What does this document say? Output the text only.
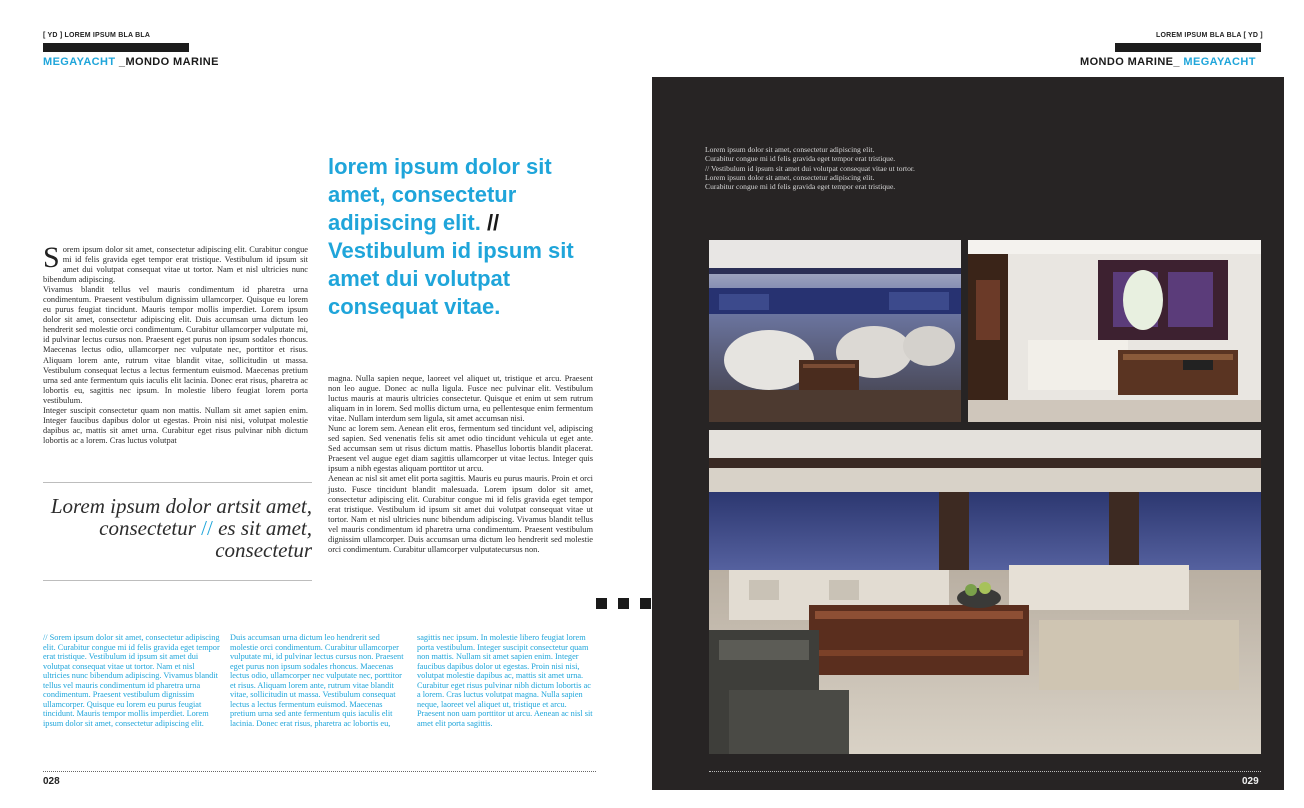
[ YD ] LOREM IPSUM BLA BLA
MEGAYACHT _MONDO MARINE
S orem ipsum dolor sit amet, consectetur adipiscing elit. Curabitur congue mi id felis gravida eget tempor erat tristique. Vestibulum id ipsum sit amet dui volutpat consequat vitae ut tortor. Nam et nisl ultricies nunc bibendum adipiscing.

Vivamus blandit tellus vel mauris condimentum id pharetra urna condimentum. Praesent vestibulum dignissim ullamcorper. Quisque eu lorem eu purus feugiat tincidunt. Mauris tempor mollis imperdiet. Lorem ipsum dolor sit amet, consectetur adipiscing elit. Duis accumsan urna dictum leo hendrerit sed molestie orci condimentum. Curabitur ullamcorper vulputate mi, id pulvinar lectus cursus non. Praesent eget purus non ipsum sodales rhoncus. Maecenas lectus odio, ullamcorper nec vulputate nec, porttitor et risus. Aliquam lorem ante, rutrum vitae blandit vitae, sollicitudin ut massa. Vestibulum consequat lectus a lectus fermentum euismod. Maecenas pretium urna sed ante fermentum quis iaculis elit lacinia. Donec erat risus, pharetra ac lobortis eu, sagittis nec ipsum. In molestie libero feugiat lorem porta vestibulum.

Integer suscipit consectetur quam non mattis. Nullam sit amet sapien enim. Integer faucibus dapibus dolor ut egestas. Proin nisi nisi, volutpat molestie dapibus ac, mattis sit amet urna. Curabitur eget risus pulvinar nibh dictum lobortis ac a lorem. Cras luctus volutpat

lorem ipsum dolor sit amet, consectetur adipiscing elit. // Vestibulum id ipsum sit amet dui volutpat consequat vitae.
Lorem ipsum dolor artsit amet, consectetur // es sit amet, consectetur

magna. Nulla sapien neque, laoreet vel aliquet ut, tristique et arcu. Praesent non leo augue. Donec ac nulla ligula. Fusce nec pulvinar elit. Vestibulum luctus mauris at mauris ultricies consectetur. Quisque et enim ut sem rutrum aliquam in in lorem. Sed mollis dictum urna, eu pellentesque enim fermentum vitae. Nullam interdum sem ligula, sit amet accumsan nisi.

Nunc ac lorem sem. Aenean elit eros, fermentum sed tincidunt vel, adipiscing sed sapien. Sed venenatis felis sit amet odio tincidunt vehicula ut eget ante. Sed accumsan sem ut risus dictum mattis. Phasellus lobortis blandit placerat. Praesent vel augue eget diam sagittis ullamcorper ut vitae lectus. Integer quis ipsum a nibh egestas aliquam porttitor ut arcu.

Aenean ac nisl sit amet elit porta sagittis. Mauris eu purus mauris. Proin et orci justo. Fusce tincidunt blandit malesuada. Lorem ipsum dolor sit amet, consectetur adipiscing elit. Curabitur congue mi id felis gravida eget tempor erat tristique. Vestibulum id ipsum sit amet dui volutpat consequat vitae ut tortor. Nam et nisl ultricies nunc bibendum adipiscing. Vivamus blandit tellus vel mauris condimentum id pharetra urna condimentum. Praesent vestibulum dignissim ullamcorper. Duis accumsan urna dictum leo hendrerit sed molestie orci condimentum. Curabitur ullamcorper vulputatecursus non.

// Sorem ipsum dolor sit amet, consectetur adipiscing elit. Curabitur congue mi id felis gravida eget tempor erat tristique. Vestibulum id ipsum sit amet dui volutpat consequat vitae ut tortor. Nam et nisl ultricies nunc bibendum adipiscing. Vivamus blandit tellus vel mauris condimentum id pharetra urna condimentum. Praesent vestibulum dignissim ullamcorper. Quisque eu lorem eu purus feugiat tincidunt. Mauris tempor mollis imperdiet. Lorem ipsum dolor sit amet, consectetur adipiscing elit.
Duis accumsan urna dictum leo hendrerit sed molestie orci condimentum. Curabitur ullamcorper vulputate mi, id pulvinar lectus cursus non. Praesent eget purus non ipsum sodales rhoncus. Maecenas lectus odio, ullamcorper nec vulputate nec, porttitor et risus. Aliquam lorem ante, rutrum vitae blandit vitae, sollicitudin ut massa. Vestibulum consequat lectus a lectus fermentum euismod. Maecenas pretium urna sed ante fermentum quis iaculis elit lacinia. Donec erat risus, pharetra ac lobortis eu,
sagittis nec ipsum. In molestie libero feugiat lorem porta vestibulum. Integer suscipit consectetur quam non mattis. Nullam sit amet sapien enim. Integer faucibus dapibus dolor ut egestas. Proin nisi nisi, volutpat molestie dapibus ac, mattis sit amet urna. Curabitur eget risus pulvinar nibh dictum lobortis ac a lorem. Cras luctus volutpat magna. Nulla sapien neque, laoreet vel aliquet ut, tristique et arcu. Praesent non uam porttitor ut arcu. Aenean ac nisl sit amet elit porta sagittis.
028
LOREM IPSUM BLA BLA [ YD ]
MONDO MARINE_ MEGAYACHT
Lorem ipsum dolor sit amet, consectetur adipiscing elit.
Curabitur congue mi id felis gravida eget tempor erat tristique.
// Vestibulum id ipsum sit amet dui volutpat consequat vitae ut tortor.
Lorem ipsum dolor sit amet, consectetur adipiscing elit.
Curabitur congue mi id felis gravida eget tempor erat tristique.
029
